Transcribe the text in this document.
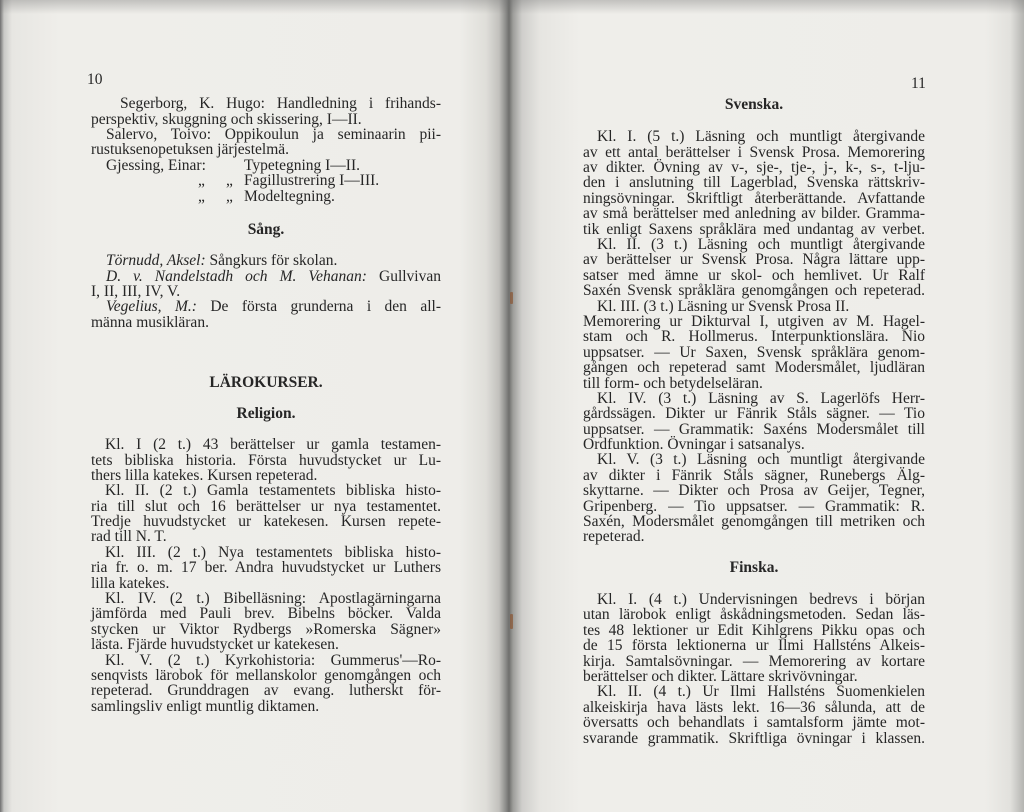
10
Segerborg, K. Hugo: Handledning i frihands-
perspektiv, skuggning och skissering, I—II.
Salervo, Toivo: Oppikoulun ja seminaarin pii-
rustuksenopetuksen järjestelmä.
Gjessing, Einar: Typetegning I—II.
„ „ Fagillustrering I—III.
„ „ Modeltegning.
Sång.
Törnudd, Aksel: Sångkurs för skolan.
D. v. Nandelstadh och M. Vehanan: Gullvivan
I, II, III, IV, V.
Vegelius, M.: De första grunderna i den all-
männa musikläran.
LÄROKURSER.
Religion.
Kl. I (2 t.) 43 berättelser ur gamla testamen-
tets bibliska historia. Första huvudstycket ur Lu-
thers lilla katekes. Kursen repeterad.
Kl. II. (2 t.) Gamla testamentets bibliska histo-
ria till slut och 16 berättelser ur nya testamentet.
Tredje huvudstycket ur katekesen. Kursen repete-
rad till N. T.
Kl. III. (2 t.) Nya testamentets bibliska histo-
ria fr. o. m. 17 ber. Andra huvudstycket ur Luthers
lilla katekes.
Kl. IV. (2 t.) Bibelläsning: Apostlagärningarna
jämförda med Pauli brev. Bibelns böcker. Valda
stycken ur Viktor Rydbergs »Romerska Sägner»
lästa. Fjärde huvudstycket ur katekesen.
Kl. V. (2 t.) Kyrkohistoria: Gummerus'—Ro-
senqvists lärobok för mellanskolor genomgången och
repeterad. Grunddragen av evang. lutherskt för-
samlingsliv enligt muntlig diktamen.
11
Svenska.
Kl. I. (5 t.) Läsning och muntligt återgivande
av ett antal berättelser i Svensk Prosa. Memorering
av dikter. Övning av v-, sje-, tje-, j-, k-, s-, t-lju-
den i anslutning till Lagerblad, Svenska rättskriv-
ningsövningar. Skriftligt återberättande. Avfattande
av små berättelser med anledning av bilder. Gramma-
tik enligt Saxens språklära med undantag av verbet.
Kl. II. (3 t.) Läsning och muntligt återgivande
av berättelser ur Svensk Prosa. Några lättare upp-
satser med ämne ur skol- och hemlivet. Ur Ralf
Saxén Svensk språklära genomgången och repeterad.
Kl. III. (3 t.) Läsning ur Svensk Prosa II.
Memorering ur Dikturval I, utgiven av M. Hagel-
stam och R. Hollmerus. Interpunktionslära. Nio
uppsatser. — Ur Saxen, Svensk språklära genom-
gången och repeterad samt Modersmålet, ljudläran
till form- och betydelseläran.
Kl. IV. (3 t.) Läsning av S. Lagerlöfs Herr-
gårdssägen. Dikter ur Fänrik Ståls sägner. — Tio
uppsatser. — Grammatik: Saxéns Modersmålet till
Ordfunktion. Övningar i satsanalys.
Kl. V. (3 t.) Läsning och muntligt återgivande
av dikter i Fänrik Ståls sägner, Runebergs Älg-
skyttarne. — Dikter och Prosa av Geijer, Tegner,
Gripenberg. — Tio uppsatser. — Grammatik: R.
Saxén, Modersmålet genomgången till metriken och
repeterad.
Finska.
Kl. I. (4 t.) Undervisningen bedrevs i början
utan lärobok enligt åskådningsmetoden. Sedan läs-
tes 48 lektioner ur Edit Kihlgrens Pikku opas och
de 15 första lektionerna ur Ilmi Hallsténs Alkeis-
kirja. Samtalsövningar. — Memorering av kortare
berättelser och dikter. Lättare skrivövningar.
Kl. II. (4 t.) Ur Ilmi Hallsténs Suomenkielen
alkeiskirja hava lästs lekt. 16—36 sålunda, att de
översatts och behandlats i samtalsform jämte mot-
svarande grammatik. Skriftliga övningar i klassen.
